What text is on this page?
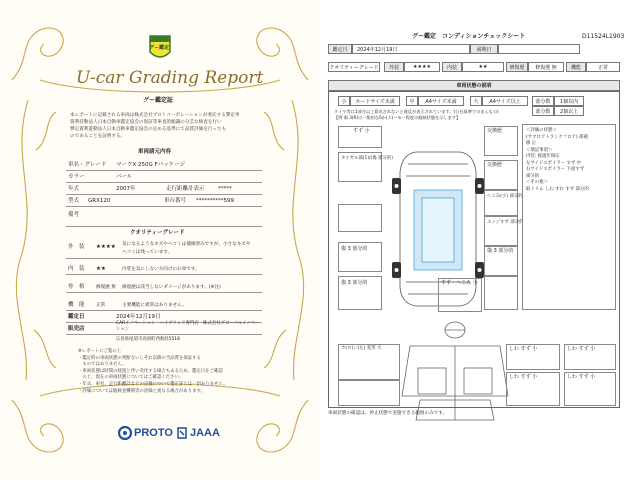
グー鑑定
U-car Grading Report
グー鑑定証
本レポートに記載される車両は株式会社プロトコーポレーションが委託する弊定単
資利持動法人日本自動車鑑定協会の保証等車査的総識の分芸な検査を行い
弊定資利遊動法人日本自動車鑑定協会の定める基準にて品質評価を行ったも
のであることを証明する。
車両請元内容
車名・グレード マークX 250G Fパッケージ
カラー	パール
年式	2007年	走行距離計表示 *****
型式 GRX120	車台番号 **********599
備考
クオリティーグレード
外　装 ★★★★ 気になるようなキズやヘコミは補修済みですが、小さなキズや
ヘコミは残っています。
内　装 ★★	内装を気にしない方向けのお車です。
骨　格 修復歴 無 修復歴は該当しないダメージがあります。(※注)
機　能 正常	主要機能に異常はありません。
鑑定日	2024年12月19日
販売店
CARイノベーション　ハイブリッド専門店　株式会社グローバルイノベーション
広島県尾道市高須町西新涯5518
※レポートにご覧の上
・鑑定時の車両状態の判断ないしそれ以降の当品質を保証する
　ものではありません。
・車両状態は時間の経過と伴い変化する場合もあるため、鑑定日をご確認
　の上、現在の車両状態についてはご確認ください。
・年式、車名、走行距離計などの記載について鑑定証とは一切ありません。
・評価については総検査機関等の評価と異なる場合があります。
PROTO JAAA
グー鑑定　コンディションチェックシート	D11524L1903
鑑定日	2024年12月19日	満期日
クオリティーグレード	外装	★★★★	内装	★★	修復歴	修復歴 無	機能	正常
車両状態の説明
小	カードサイズ未満	中	A4サイズ未満	大	A4サイズ以上	部分数	1個以内
部分数	2個以上
タイヤ等は1部分以上算出されないと違反が表示されています。(公社基準でのまんもの)
【例 傷 3(R)は一般的な0か(エ)ーモー程度の痕跡状態を示します】
すず 小
タイヤル部(1)/(傷 部分的)
傷 3 部分的
傷 3 部分的
交換歴
交換歴
へこみ(小) 部分的
エッジすず 部分的
傷 3 部分的
すず・へこみ 小
＜評価の状態＞
(サブロアトランクフロア) 部補
修 正
＜増記事項＞
内装: 経過年相応
左サイドスポイラー すず 中
右サイドスポイラー 下面すず
部分的
＜その他＞
取トリム しわ すれ すず 部分的
カ(ロ)ン(左) 変形 大	しわ すず 小
しわ すず 小
しわ すず 小
しわ すず 小
車両状態の確認は、停止状態で実施できる範囲のみです。
